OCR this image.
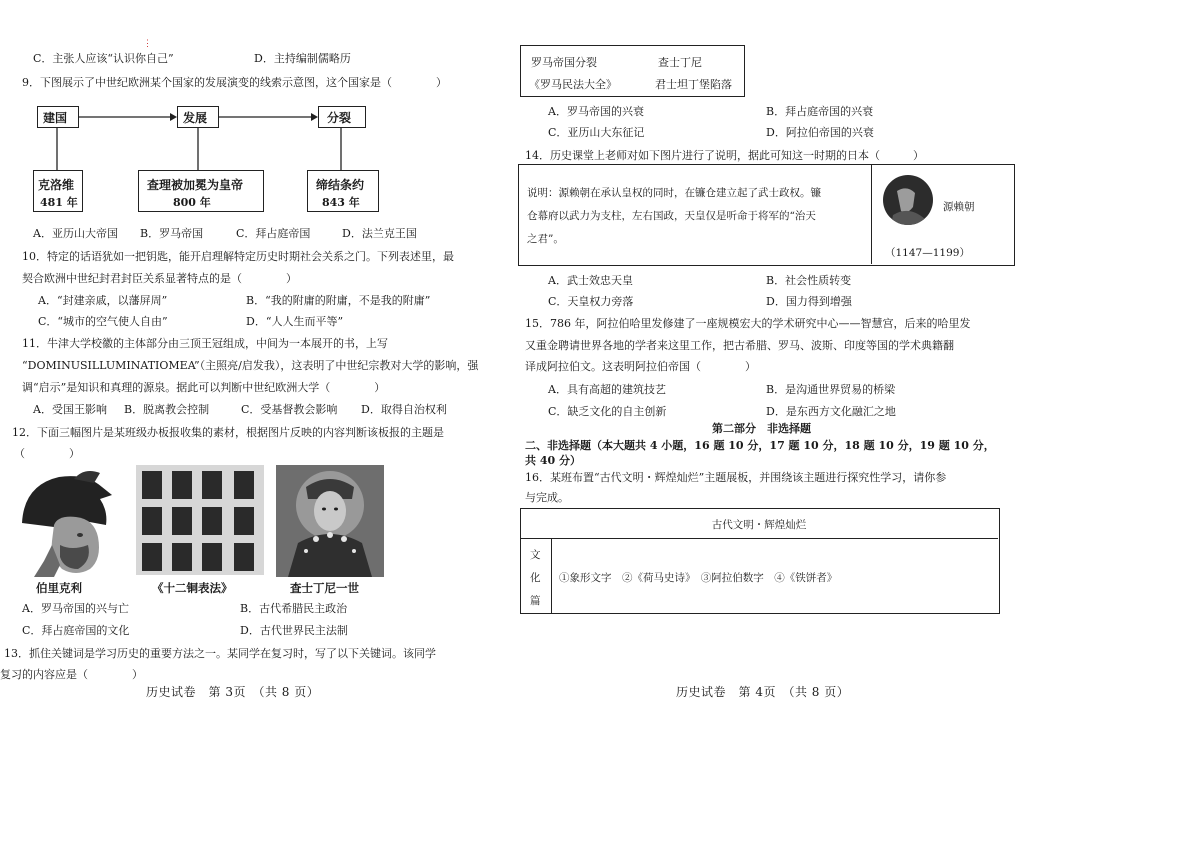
⋮
C．主张人应该“认识你自己”	D．主持编制儒略历
9．下图展示了中世纪欧洲某个国家的发展演变的线索示意图，这个国家是（　　　　）
建国	发展	分裂
克洛维
481 年
查理被加冕为皇帝
800 年
缔结条约
843 年
A．亚历山大帝国 B．罗马帝国	C．拜占庭帝国	D．法兰克王国
10．特定的话语犹如一把钥匙，能开启理解特定历史时期社会关系之门。下列表述里，最
契合欧洲中世纪封君封臣关系显著特点的是（　　　　）
A．“封建亲戚，以藩屏周”	B．“我的附庸的附庸，不是我的附庸”
C．“城市的空气使人自由”	D．“人人生而平等”
11．牛津大学校徽的主体部分由三顶王冠组成，中间为一本展开的书，上写
“DOMINUSILLUMINATIOMEA”（主照亮/启发我），这表明了中世纪宗教对大学的影响，强
调“启示”是知识和真理的源泉。据此可以判断中世纪欧洲大学（　　　　）
A．受国王影响 B．脱离教会控制	C．受基督教会影响 D．取得自治权利
12．下面三幅图片是某班级办板报收集的素材，根据图片反映的内容判断该板报的主题是
（　　　　）
伯里克利	《十二铜表法》	查士丁尼一世
A．罗马帝国的兴与亡	B．古代希腊民主政治
C．拜占庭帝国的文化	D．古代世界民主法制
13．抓住关键词是学习历史的重要方法之一。某同学在复习时，写了以下关键词。该同学
复习的内容应是（　　　　）
历史试卷　第 3页　（共 8 页）
罗马帝国分裂	查士丁尼
《罗马民法大全》	君士坦丁堡陷落
A．罗马帝国的兴衰	B．拜占庭帝国的兴衰
C．亚历山大东征记	D．阿拉伯帝国的兴衰
14．历史课堂上老师对如下图片进行了说明，据此可知这一时期的日本（　　　）
说明：源赖朝在承认皇权的同时，在镰仓建立起了武士政权。镰
仓幕府以武力为支柱，左右国政，天皇仅是听命于将军的“治天
之君”。
源赖朝
（1147—1199）
A．武士效忠天皇	B．社会性质转变
C．天皇权力旁落	D．国力得到增强
15．786 年，阿拉伯哈里发修建了一座规模宏大的学术研究中心——智慧宫，后来的哈里发
又重金聘请世界各地的学者来这里工作，把古希腊、罗马、波斯、印度等国的学术典籍翻
译成阿拉伯文。这表明阿拉伯帝国（　　　　）
A．具有高超的建筑技艺	B．是沟通世界贸易的桥梁
C．缺乏文化的自主创新	D．是东西方文化融汇之地
第二部分　非选择题
二、非选择题（本大题共 4 小题，16 题 10 分，17 题 10 分，18 题 10 分，19 题 10 分，
共 40 分）
16．某班布置“古代文明・辉煌灿烂”主题展板，并围绕该主题进行探究性学习，请你参
与完成。
古代文明・辉煌灿烂
文
化
篇
①象形文字　②《荷马史诗》　③阿拉伯数字　④《铁饼者》
历史试卷　第 4页　（共 8 页）
